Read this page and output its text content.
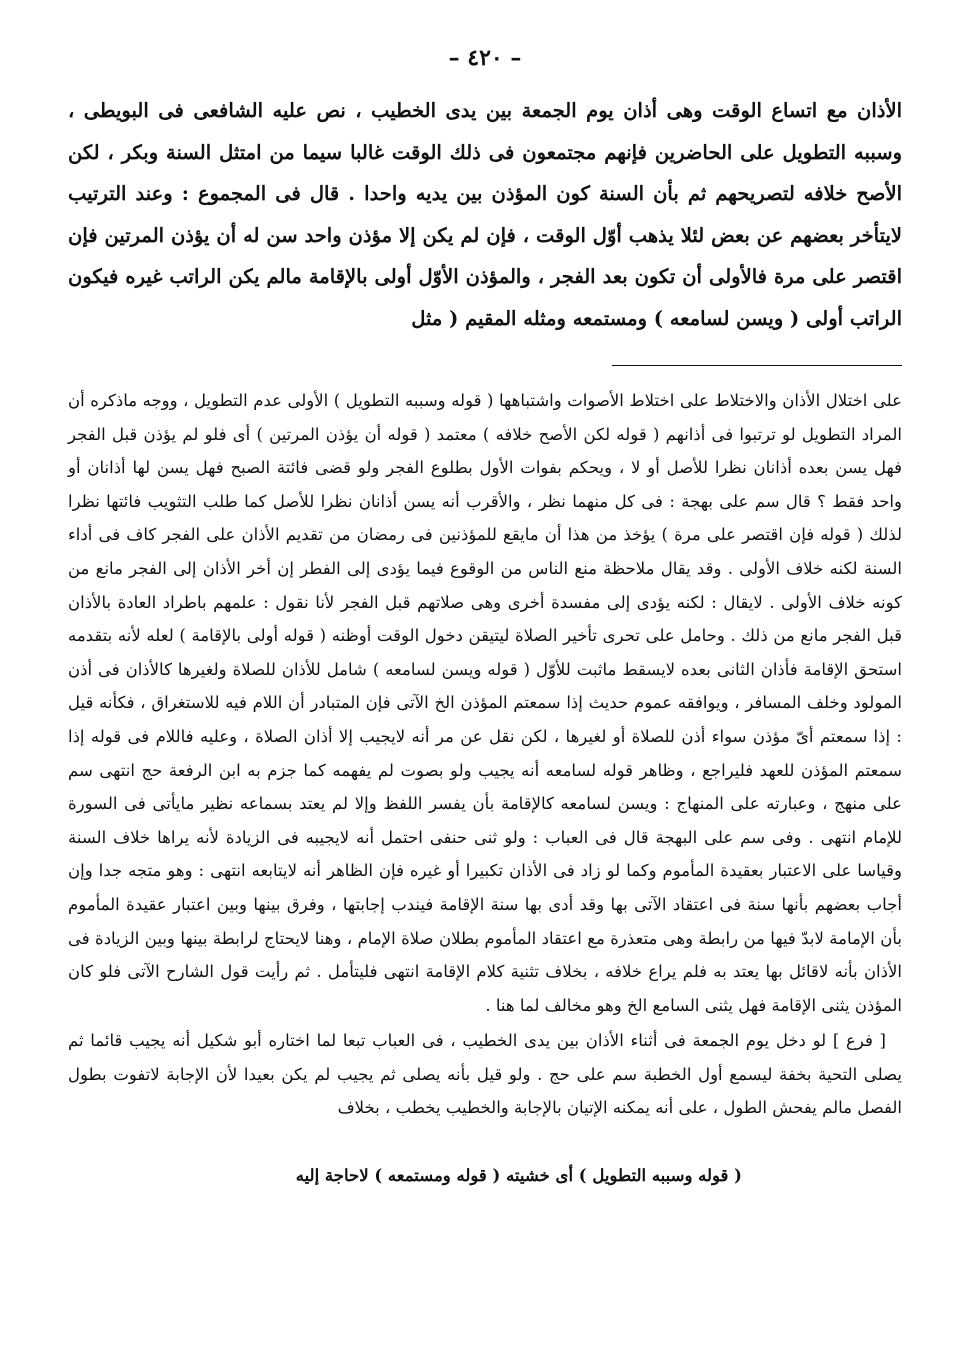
– ٤٢٠ –
الأذان مع اتساع الوقت وهى أذان يوم الجمعة بين يدى الخطيب ، نص عليه الشافعى فى البويطى ، وسببه التطويل على الحاضرين فإنهم مجتمعون فى ذلك الوقت غالبا سيما من امتثل السنة وبكر ، لكن الأصح خلافه لتصريحهم ثم بأن السنة كون المؤذن بين يديه واحدا . قال فى المجموع : وعند الترتيب لايتأخر بعضهم عن بعض لئلا يذهب أوّل الوقت ، فإن لم يكن إلا مؤذن واحد سن له أن يؤذن المرتين فإن اقتصر على مرة فالأولى أن تكون بعد الفجر ، والمؤذن الأوّل أولى بالإقامة مالم يكن الراتب غيره فيكون الراتب أولى ( ويسن لسامعه ) ومستمعه ومثله المقيم ( مثل
على اختلال الأذان والاختلاط على اختلاط الأصوات واشتباهها ( قوله وسببه التطويل ) الأولى عدم التطويل ، ووجه ماذكره أن المراد التطويل لو ترتبوا فى أذانهم ( قوله لكن الأصح خلافه ) معتمد ( قوله أن يؤذن المرتين ) أى فلو لم يؤذن قبل الفجر فهل يسن بعده أذانان نظرا للأصل أو لا ، ويحكم بفوات الأول بطلوع الفجر ولو قضى فائتة الصبح فهل يسن لها أذانان أو واحد فقط ؟ قال سم على بهجة : فى كل منهما نظر ، والأقرب أنه يسن أذانان نظرا للأصل كما طلب التثويب فائتها نظرا لذلك ( قوله فإن اقتصر على مرة ) يؤخذ من هذا أن مايقع للمؤذنين فى رمضان من تقديم الأذان على الفجر كاف فى أداء السنة لكنه خلاف الأولى . وقد يقال ملاحظة منع الناس من الوقوع فيما يؤدى إلى الفطر إن أخر الأذان إلى الفجر مانع من كونه خلاف الأولى . لايقال : لكنه يؤدى إلى مفسدة أخرى وهى صلاتهم قبل الفجر لأنا نقول : علمهم باطراد العادة بالأذان قبل الفجر مانع من ذلك . وحامل على تحرى تأخير الصلاة ليتيقن دخول الوقت أوظنه ( قوله أولى بالإقامة ) لعله لأنه بتقدمه استحق الإقامة فأذان الثانى بعده لايسقط ماثبت للأوّل ( قوله ويسن لسامعه ) شامل للأذان للصلاة ولغيرها كالأذان فى أذن المولود وخلف المسافر ، ويوافقه عموم حديث إذا سمعتم المؤذن الخ الآتى فإن المتبادر أن اللام فيه للاستغراق ، فكأنه قيل : إذا سمعتم أىّ مؤذن سواء أذن للصلاة أو لغيرها ، لكن نقل عن مر أنه لايجيب إلا أذان الصلاة ، وعليه فاللام فى قوله إذا سمعتم المؤذن للعهد فليراجع ، وظاهر قوله لسامعه أنه يجيب ولو بصوت لم يفهمه كما جزم به ابن الرفعة حج انتهى سم على منهج ، وعبارته على المنهاج : ويسن لسامعه كالإقامة بأن يفسر اللفظ وإلا لم يعتد بسماعه نظير مايأتى فى السورة للإمام انتهى . وفى سم على البهجة قال فى العباب : ولو ثنى حنفى احتمل أنه لايجيبه فى الزيادة لأنه يراها خلاف السنة وقياسا على الاعتبار بعقيدة المأموم وكما لو زاد فى الأذان تكبيرا أو غيره فإن الظاهر أنه لايتابعه انتهى : وهو متجه جدا وإن أجاب بعضهم بأنها سنة فى اعتقاد الآتى بها وقد أدى بها سنة الإقامة فيندب إجابتها ، وفرق بينها وبين اعتبار عقيدة المأموم بأن الإمامة لابدّ فيها من رابطة وهى متعذرة مع اعتقاد المأموم بطلان صلاة الإمام ، وهنا لايحتاج لرابطة بينها وبين الزيادة فى الأذان بأنه لاقائل بها يعتد به فلم يراع خلافه ، بخلاف تثنية كلام الإقامة انتهى فليتأمل . ثم رأيت قول الشارح الآتى فلو كان المؤذن يثنى الإقامة فهل يثنى السامع الخ وهو مخالف لما هنا .
[ فرع ] لو دخل يوم الجمعة فى أثناء الأذان بين يدى الخطيب ، فى العباب تبعا لما اختاره أبو شكيل أنه يجيب قائما ثم يصلى التحية بخفة ليسمع أول الخطبة سم على حج . ولو قيل بأنه يصلى ثم يجيب لم يكن بعيدا لأن الإجابة لاتفوت بطول الفصل مالم يفحش الطول ، على أنه يمكنه الإتيان بالإجابة والخطيب يخطب ، بخلاف
( قوله وسببه التطويل ) أى خشيته ( قوله ومستمعه ) لاحاجة إليه
